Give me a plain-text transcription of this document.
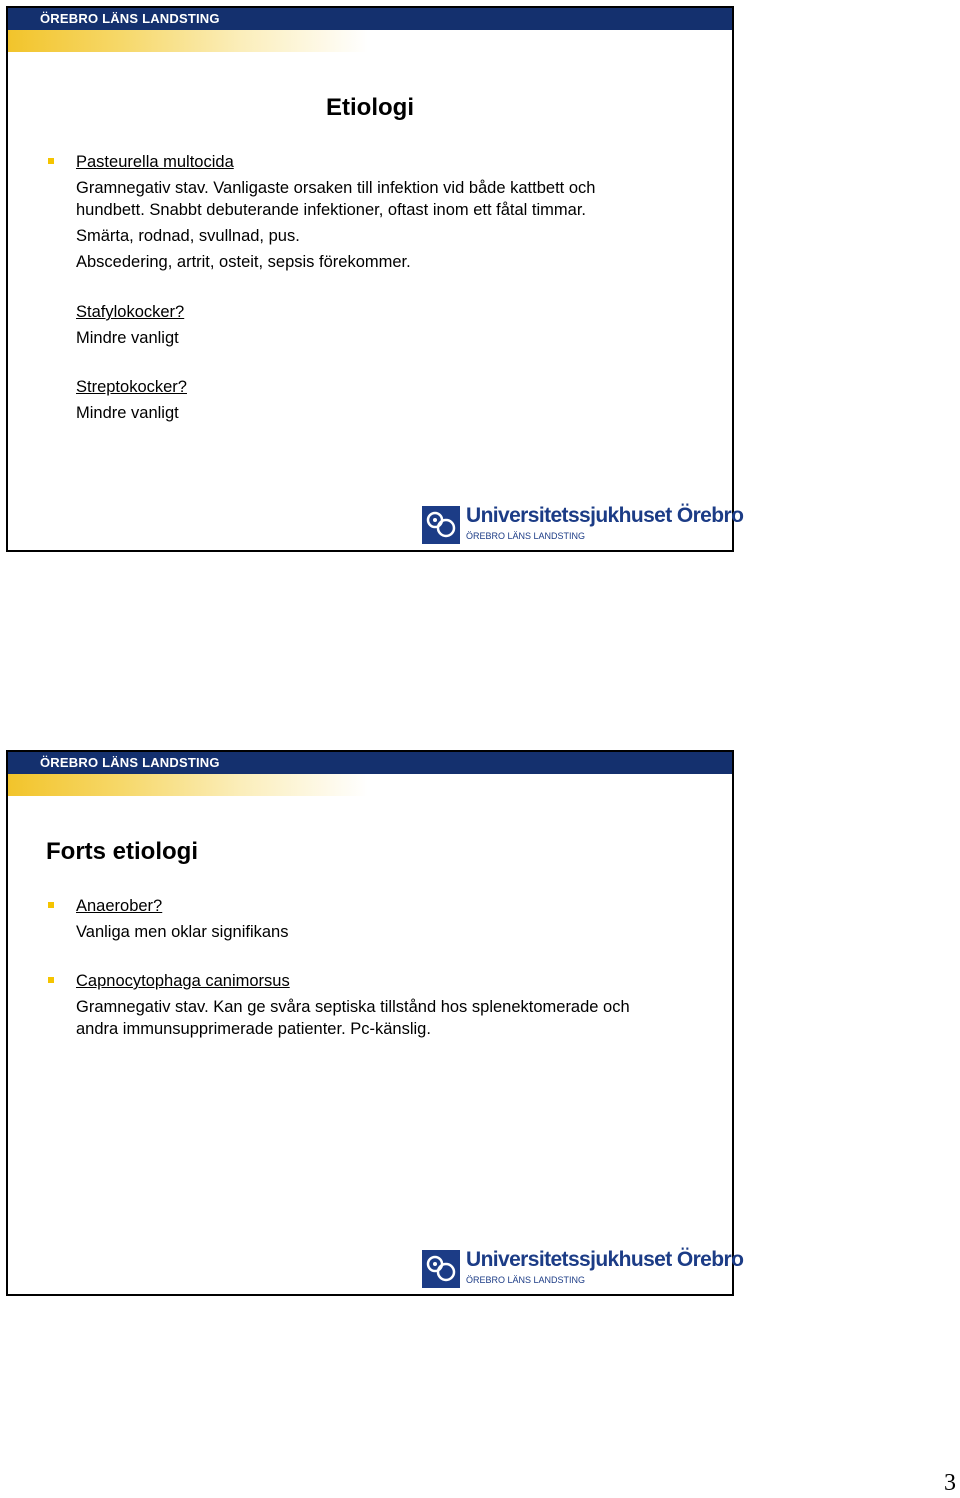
ÖREBRO LÄNS LANDSTING
Etiologi
Pasteurella multocida
Gramnegativ stav. Vanligaste orsaken till infektion vid både kattbett och
hundbett. Snabbt debuterande infektioner, oftast inom ett fåtal timmar.
Smärta, rodnad, svullnad, pus.
Abscedering, artrit, osteit, sepsis förekommer.
Stafylokocker?
Mindre vanligt
Streptokocker?
Mindre vanligt
Universitetssjukhuset Örebro
ÖREBRO LÄNS LANDSTING
ÖREBRO LÄNS LANDSTING
Forts etiologi
Anaerober?
Vanliga men oklar signifikans
Capnocytophaga canimorsus
Gramnegativ stav. Kan ge svåra septiska tillstånd hos splenektomerade och
andra immunsupprimerade patienter. Pc-känslig.
Universitetssjukhuset Örebro
ÖREBRO LÄNS LANDSTING
3
